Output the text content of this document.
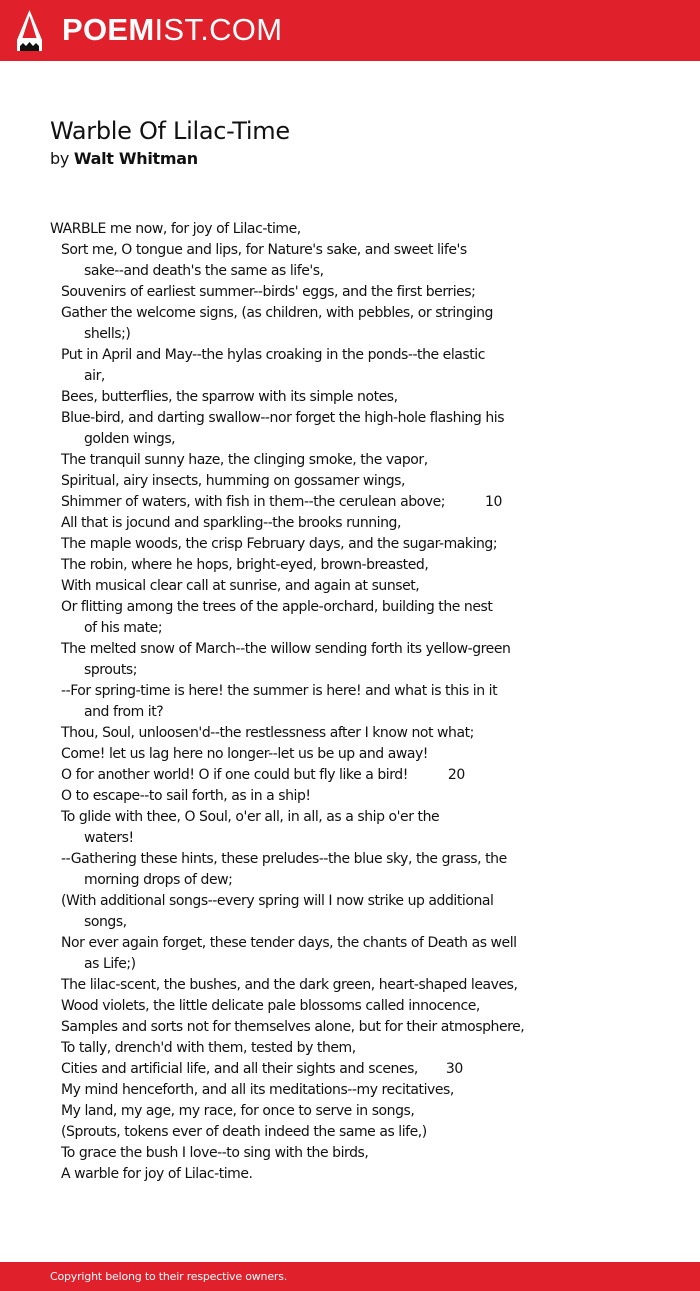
POEMIST.COM
Warble Of Lilac-Time
by Walt Whitman
WARBLE me now, for joy of Lilac-time,
Sort me, O tongue and lips, for Nature's sake, and sweet life's
sake--and death's the same as life's,
Souvenirs of earliest summer--birds' eggs, and the first berries;
Gather the welcome signs, (as children, with pebbles, or stringing
shells;)
Put in April and May--the hylas croaking in the ponds--the elastic
air,
Bees, butterflies, the sparrow with its simple notes,
Blue-bird, and darting swallow--nor forget the high-hole flashing his
golden wings,
The tranquil sunny haze, the clinging smoke, the vapor,
Spiritual, airy insects, humming on gossamer wings,
Shimmer of waters, with fish in them--the cerulean above;          10
All that is jocund and sparkling--the brooks running,
The maple woods, the crisp February days, and the sugar-making;
The robin, where he hops, bright-eyed, brown-breasted,
With musical clear call at sunrise, and again at sunset,
Or flitting among the trees of the apple-orchard, building the nest
of his mate;
The melted snow of March--the willow sending forth its yellow-green
sprouts;
--For spring-time is here! the summer is here! and what is this in it
and from it?
Thou, Soul, unloosen'd--the restlessness after I know not what;
Come! let us lag here no longer--let us be up and away!
O for another world! O if one could but fly like a bird!          20
O to escape--to sail forth, as in a ship!
To glide with thee, O Soul, o'er all, in all, as a ship o'er the
waters!
--Gathering these hints, these preludes--the blue sky, the grass, the
morning drops of dew;
(With additional songs--every spring will I now strike up additional
songs,
Nor ever again forget, these tender days, the chants of Death as well
as Life;)
The lilac-scent, the bushes, and the dark green, heart-shaped leaves,
Wood violets, the little delicate pale blossoms called innocence,
Samples and sorts not for themselves alone, but for their atmosphere,
To tally, drench'd with them, tested by them,
Cities and artificial life, and all their sights and scenes,       30
My mind henceforth, and all its meditations--my recitatives,
My land, my age, my race, for once to serve in songs,
(Sprouts, tokens ever of death indeed the same as life,)
To grace the bush I love--to sing with the birds,
A warble for joy of Lilac-time.
Copyright belong to their respective owners.
